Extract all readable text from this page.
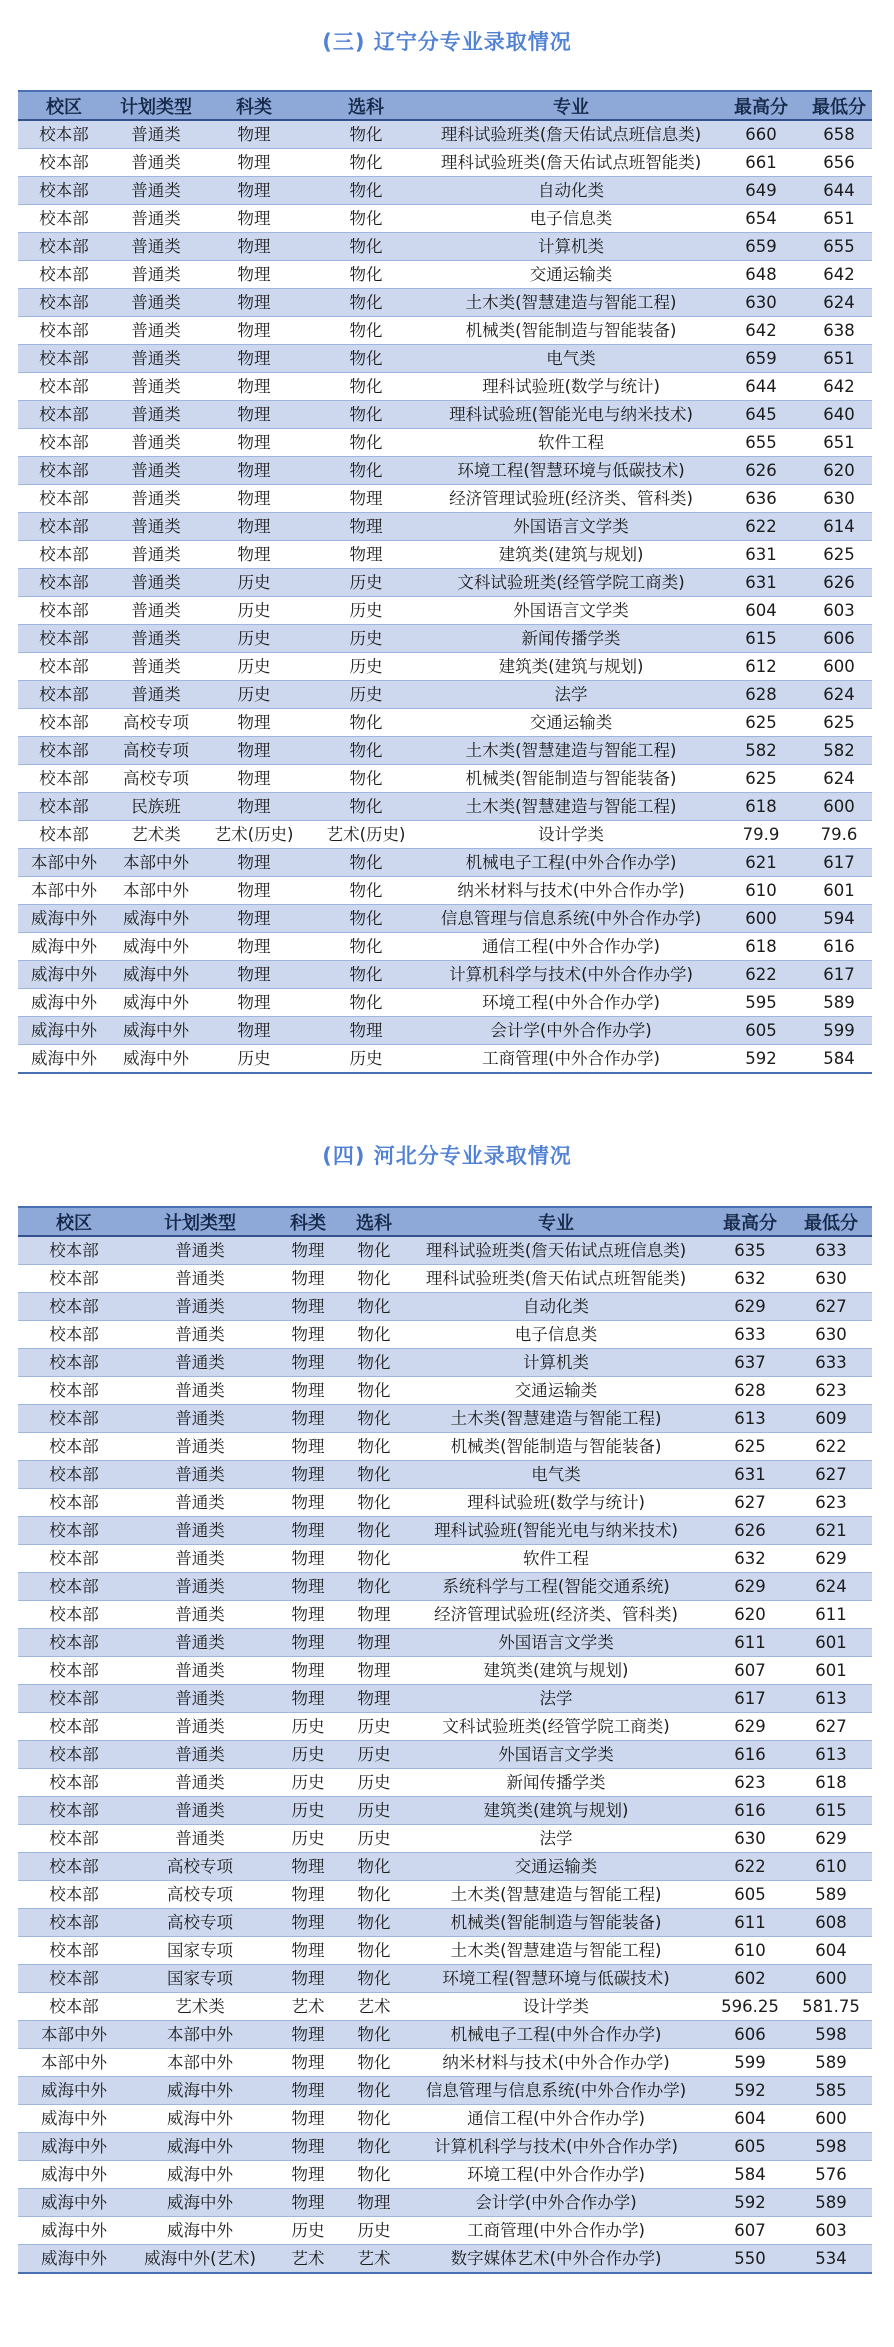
(三) 辽宁分专业录取情况
校区	计划类型	科类	选科	专业	最高分	最低分
校本部	普通类	物理	物化	理科试验班类(詹天佑试点班信息类)	660	658
校本部	普通类	物理	物化	理科试验班类(詹天佑试点班智能类)	661	656
校本部	普通类	物理	物化	自动化类	649	644
校本部	普通类	物理	物化	电子信息类	654	651
校本部	普通类	物理	物化	计算机类	659	655
校本部	普通类	物理	物化	交通运输类	648	642
校本部	普通类	物理	物化	土木类(智慧建造与智能工程)	630	624
校本部	普通类	物理	物化	机械类(智能制造与智能装备)	642	638
校本部	普通类	物理	物化	电气类	659	651
校本部	普通类	物理	物化	理科试验班(数学与统计)	644	642
校本部	普通类	物理	物化	理科试验班(智能光电与纳米技术)	645	640
校本部	普通类	物理	物化	软件工程	655	651
校本部	普通类	物理	物化	环境工程(智慧环境与低碳技术)	626	620
校本部	普通类	物理	物理	经济管理试验班(经济类、管科类)	636	630
校本部	普通类	物理	物理	外国语言文学类	622	614
校本部	普通类	物理	物理	建筑类(建筑与规划)	631	625
校本部	普通类	历史	历史	文科试验班类(经管学院工商类)	631	626
校本部	普通类	历史	历史	外国语言文学类	604	603
校本部	普通类	历史	历史	新闻传播学类	615	606
校本部	普通类	历史	历史	建筑类(建筑与规划)	612	600
校本部	普通类	历史	历史	法学	628	624
校本部	高校专项	物理	物化	交通运输类	625	625
校本部	高校专项	物理	物化	土木类(智慧建造与智能工程)	582	582
校本部	高校专项	物理	物化	机械类(智能制造与智能装备)	625	624
校本部	民族班	物理	物化	土木类(智慧建造与智能工程)	618	600
校本部	艺术类	艺术(历史)	艺术(历史)	设计学类	79.9	79.6
本部中外	本部中外	物理	物化	机械电子工程(中外合作办学)	621	617
本部中外	本部中外	物理	物化	纳米材料与技术(中外合作办学)	610	601
威海中外	威海中外	物理	物化	信息管理与信息系统(中外合作办学)	600	594
威海中外	威海中外	物理	物化	通信工程(中外合作办学)	618	616
威海中外	威海中外	物理	物化	计算机科学与技术(中外合作办学)	622	617
威海中外	威海中外	物理	物化	环境工程(中外合作办学)	595	589
威海中外	威海中外	物理	物理	会计学(中外合作办学)	605	599
威海中外	威海中外	历史	历史	工商管理(中外合作办学)	592	584
(四) 河北分专业录取情况
校区	计划类型	科类	选科	专业	最高分	最低分
校本部	普通类	物理	物化	理科试验班类(詹天佑试点班信息类)	635	633
校本部	普通类	物理	物化	理科试验班类(詹天佑试点班智能类)	632	630
校本部	普通类	物理	物化	自动化类	629	627
校本部	普通类	物理	物化	电子信息类	633	630
校本部	普通类	物理	物化	计算机类	637	633
校本部	普通类	物理	物化	交通运输类	628	623
校本部	普通类	物理	物化	土木类(智慧建造与智能工程)	613	609
校本部	普通类	物理	物化	机械类(智能制造与智能装备)	625	622
校本部	普通类	物理	物化	电气类	631	627
校本部	普通类	物理	物化	理科试验班(数学与统计)	627	623
校本部	普通类	物理	物化	理科试验班(智能光电与纳米技术)	626	621
校本部	普通类	物理	物化	软件工程	632	629
校本部	普通类	物理	物化	系统科学与工程(智能交通系统)	629	624
校本部	普通类	物理	物理	经济管理试验班(经济类、管科类)	620	611
校本部	普通类	物理	物理	外国语言文学类	611	601
校本部	普通类	物理	物理	建筑类(建筑与规划)	607	601
校本部	普通类	物理	物理	法学	617	613
校本部	普通类	历史	历史	文科试验班类(经管学院工商类)	629	627
校本部	普通类	历史	历史	外国语言文学类	616	613
校本部	普通类	历史	历史	新闻传播学类	623	618
校本部	普通类	历史	历史	建筑类(建筑与规划)	616	615
校本部	普通类	历史	历史	法学	630	629
校本部	高校专项	物理	物化	交通运输类	622	610
校本部	高校专项	物理	物化	土木类(智慧建造与智能工程)	605	589
校本部	高校专项	物理	物化	机械类(智能制造与智能装备)	611	608
校本部	国家专项	物理	物化	土木类(智慧建造与智能工程)	610	604
校本部	国家专项	物理	物化	环境工程(智慧环境与低碳技术)	602	600
校本部	艺术类	艺术	艺术	设计学类	596.25	581.75
本部中外	本部中外	物理	物化	机械电子工程(中外合作办学)	606	598
本部中外	本部中外	物理	物化	纳米材料与技术(中外合作办学)	599	589
威海中外	威海中外	物理	物化	信息管理与信息系统(中外合作办学)	592	585
威海中外	威海中外	物理	物化	通信工程(中外合作办学)	604	600
威海中外	威海中外	物理	物化	计算机科学与技术(中外合作办学)	605	598
威海中外	威海中外	物理	物化	环境工程(中外合作办学)	584	576
威海中外	威海中外	物理	物理	会计学(中外合作办学)	592	589
威海中外	威海中外	历史	历史	工商管理(中外合作办学)	607	603
威海中外	威海中外(艺术)	艺术	艺术	数字媒体艺术(中外合作办学)	550	534
